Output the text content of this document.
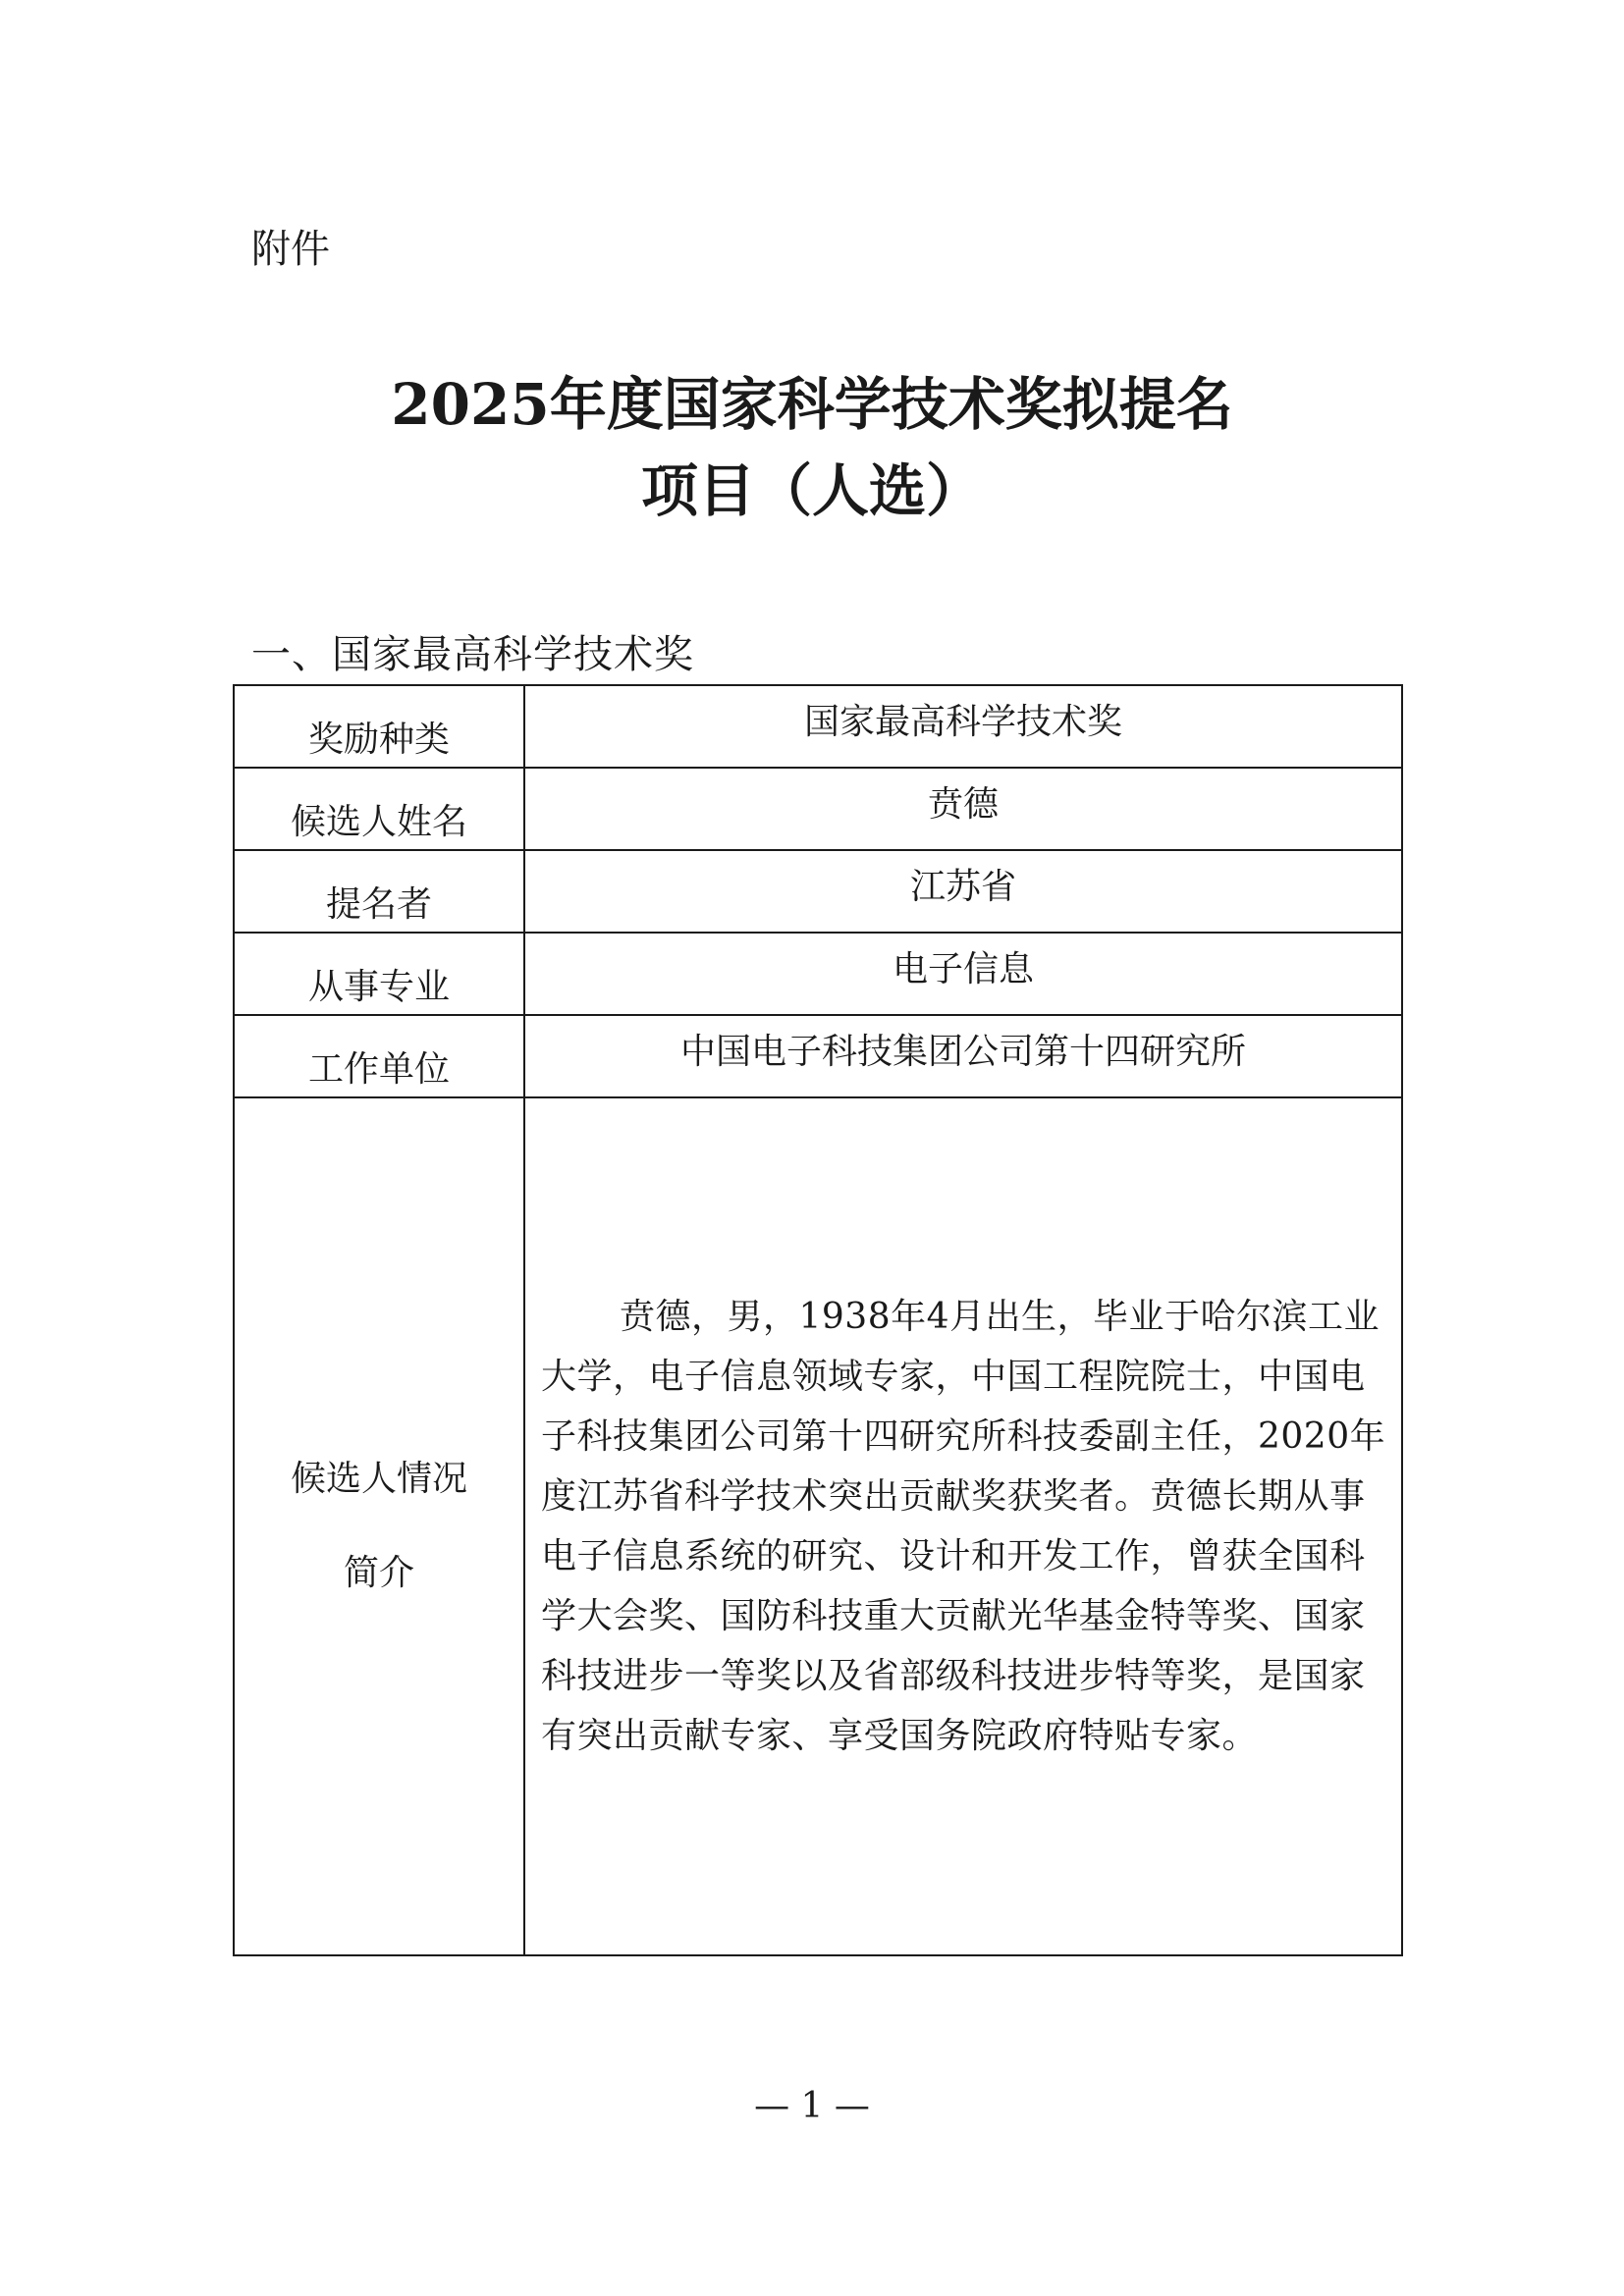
附件
2025年度国家科学技术奖拟提名
项目（人选）
一、国家最高科学技术奖
奖励种类	国家最高科学技术奖
候选人姓名	贲德
提名者	江苏省
从事专业	电子信息
工作单位	中国电子科技集团公司第十四研究所

候选人情况
简介	贲德，男，1938年4月出生，毕业于哈尔滨工业大学，电子信息领域专家，中国工程院院士，中国电子科技集团公司第十四研究所科技委副主任，2020年度江苏省科学技术突出贡献奖获奖者。贲德长期从事电子信息系统的研究、设计和开发工作，曾获全国科学大会奖、国防科技重大贡献光华基金特等奖、国家科技进步一等奖以及省部级科技进步特等奖，是国家有突出贡献专家、享受国务院政府特贴专家。
— 1 —
